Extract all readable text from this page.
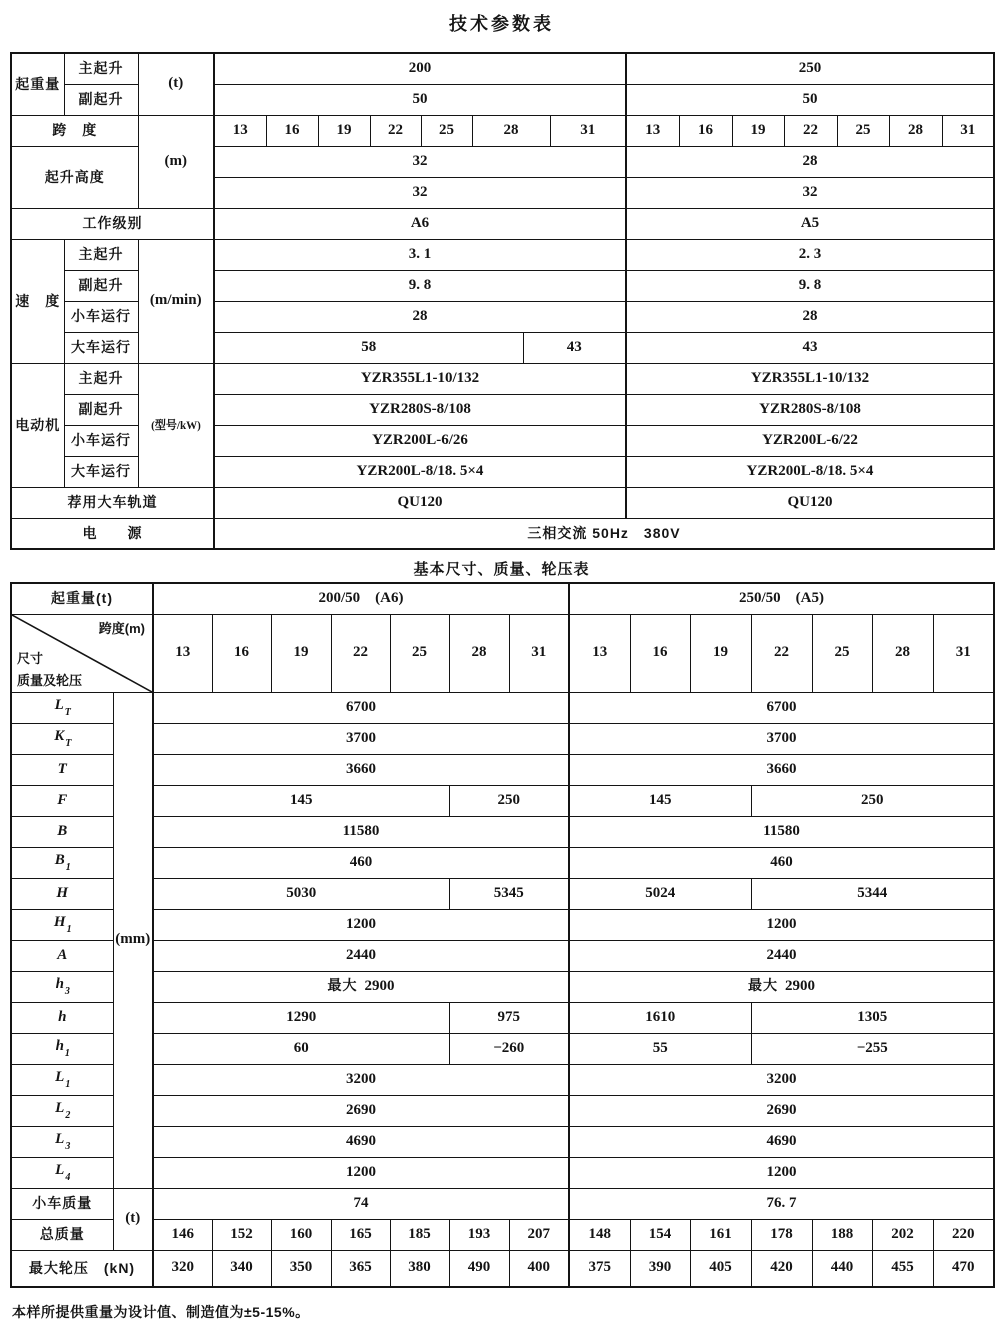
技术参数表
起重量	主起升	(t)	200								250						
	副起升		50								50						
跨　度		(m)	13	16	19	22	25	28		31	13	16	19	22	25	28	31
起升高度			32								28						
			32								32						
工作级别			A6								A5						
速　度	主起升	(m/min)	3. 1								2. 3						
	副起升		9. 8								9. 8						
	小车运行		28								28						
	大车运行		58						43		43						
电动机	主起升	(型号/kW)	YZR355L1-10/132								YZR355L1-10/132						
	副起升		YZR280S-8/108								YZR280S-8/108						
	小车运行		YZR200L-6/26								YZR200L-6/22						
	大车运行		YZR200L-8/18. 5×4								YZR200L-8/18. 5×4						
荐用大车轨道			QU120								QU120						
电　　源			三相交流 50Hz　380V														
基本尺寸、质量、轮压表
起重量(t)		200/50　(A6)							250/50　(A5)						

跨度(m)
尺寸
质量及轮压		13	16	19	22	25	28	31	13	16	19	22	25	28	31
$L_T$	(mm)	6700							6700						
$K_T$		3700							3700						
T		3660							3660						
F		145					250		145			250			
B		11580							11580						
$B_1$		460							460						
H		5030					5345		5024			5344			
$H_1$		1200							1200						
A		2440							2440						
$h_3$		最大 2900							最大 2900						
h		1290					975		1610			1305			
$h_1$		60					−260		55			−255			
$L_1$		3200							3200						
$L_2$		2690							2690						
$L_3$		4690							4690						
$L_4$		1200							1200						
小车质量	(t)	74							76. 7						
总质量		146	152	160	165	185	193	207	148	154	161	178	188	202	220
最大轮压　(kN)		320	340	350	365	380	490	400	375	390	405	420	440	455	470
本样所提供重量为设计值、制造值为±5-15%。
